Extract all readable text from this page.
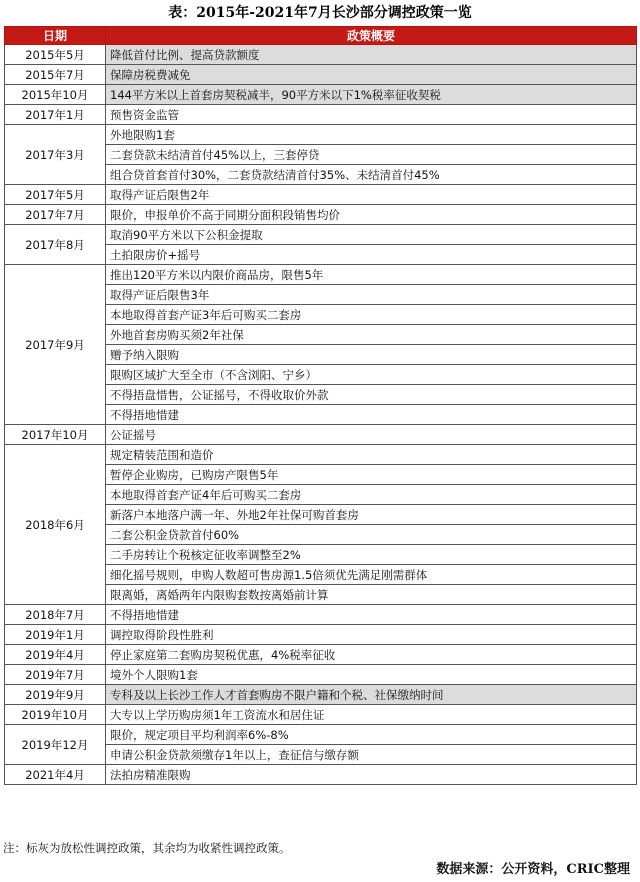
表：2015年-2021年7月长沙部分调控政策一览
日期	政策概要
2015年5月	降低首付比例、提高贷款额度
2015年7月	保障房税费减免
2015年10月	144平方米以上首套房契税减半，90平方米以下1%税率征收契税
2017年1月	预售资金监管
2017年3月	外地限购1套
	二套贷款未结清首付45%以上，三套停贷
	组合贷首套首付30%，二套贷款结清首付35%、未结清首付45%
2017年5月	取得产证后限售2年
2017年7月	限价，申报单价不高于同期分面积段销售均价
2017年8月	取消90平方米以下公积金提取
	土拍限房价+摇号
2017年9月	推出120平方米以内限价商品房，限售5年
	取得产证后限售3年
	本地取得首套产证3年后可购买二套房
	外地首套房购买须2年社保
	赠予纳入限购
	限购区域扩大至全市（不含浏阳、宁乡）
	不得捂盘惜售，公证摇号，不得收取价外款
	不得捂地惜建
2017年10月	公证摇号
2018年6月	规定精装范围和造价
	暂停企业购房，已购房产限售5年
	本地取得首套产证4年后可购买二套房
	新落户本地落户满一年、外地2年社保可购首套房
	二套公积金贷款首付60%
	二手房转让个税核定征收率调整至2%
	细化摇号规则，申购人数超可售房源1.5倍须优先满足刚需群体
	限离婚，离婚两年内限购套数按离婚前计算
2018年7月	不得捂地惜建
2019年1月	调控取得阶段性胜利
2019年4月	停止家庭第二套购房契税优惠，4%税率征收
2019年7月	境外个人限购1套
2019年9月	专科及以上长沙工作人才首套购房不限户籍和个税、社保缴纳时间
2019年10月	大专以上学历购房须1年工资流水和居住证
2019年12月	限价，规定项目平均利润率6%-8%
	申请公积金贷款须缴存1年以上，查征信与缴存额
2021年4月	法拍房精准限购
注：标灰为放松性调控政策，其余均为收紧性调控政策。
数据来源：公开资料，CRIC整理
